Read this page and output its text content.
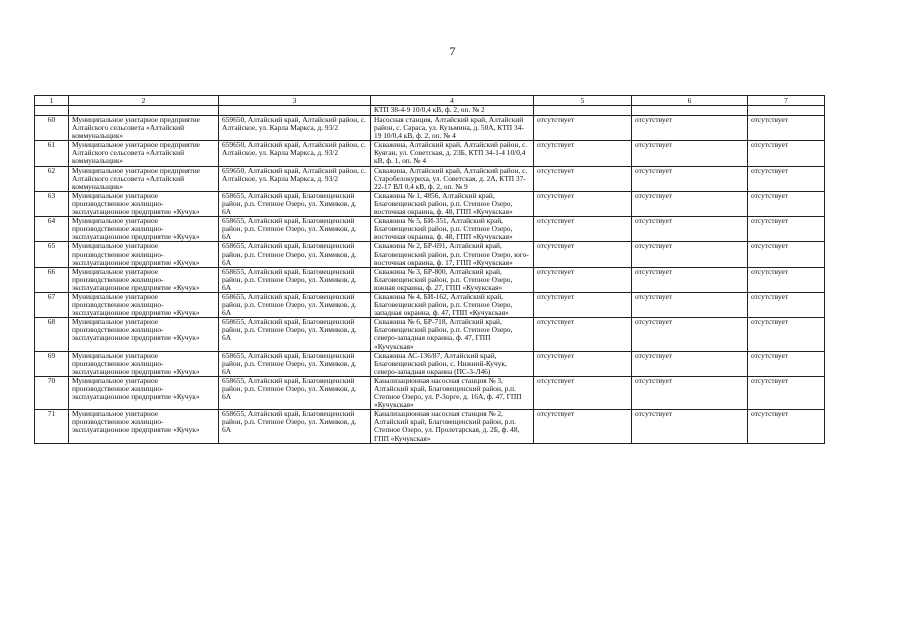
7
1	2	3	4	5	6	7
			КТП 38-4-9 10/0,4 кВ, ф. 2, оп. № 2			
60	Муниципальное унитарное предприятие Алтайского сельсовета «Алтайский коммунальщик»	659650, Алтайский край, Алтайский район, с. Алтайское, ул. Карла Маркса, д. 93/2	Насосная станция, Алтайский край, Алтайский район, с. Сараса, ул. Кузьмина, д. 50А, КТП 34-19 10/0,4 кВ, ф. 2, оп. № 4	отсутствует	отсутствует	отсутствует
61	Муниципальное унитарное предприятие Алтайского сельсовета «Алтайский коммунальщик»	659650, Алтайский край, Алтайский район, с. Алтайское, ул. Карла Маркса, д. 93/2	Скважина, Алтайский край, Алтайский район, с. Куяган, ул. Советская, д. 23Б, КТП 34-1-4 10/0,4 кВ, ф. 1, оп. № 4	отсутствует	отсутствует	отсутствует
62	Муниципальное унитарное предприятие Алтайского сельсовета «Алтайский коммунальщик»	659650, Алтайский край, Алтайский район, с. Алтайское, ул. Карла Маркса, д. 93/2	Скважина, Алтайский край, Алтайский район, с. Старобелокуриха, ул. Советская, д. 2А, КТП 37-22-17 ВЛ 0,4 кВ, ф. 2, оп. № 9	отсутствует	отсутствует	отсутствует
63	Муниципальное унитарное производственное жилищно-эксплуатационное предприятие «Кучук»	658655, Алтайский край, Благовещенский район, р.п. Степное Озеро, ул. Химиков, д. 6А	Скважина № 1, 4856, Алтайский край, Благовещенский район, р.п. Степное Озеро, восточная окраина, ф. 48, ГПП «Кучукская»	отсутствует	отсутствует	отсутствует
64	Муниципальное унитарное производственное жилищно-эксплуатационное предприятие «Кучук»	658655, Алтайский край, Благовещенский район, р.п. Степное Озеро, ул. Химиков, д. 6А	Скважина № 5, БИ-351, Алтайский край, Благовещенский район, р.п. Степное Озеро, восточная окраина, ф. 48, ГПП «Кучукская»	отсутствует	отсутствует	отсутствует
65	Муниципальное унитарное производственное жилищно-эксплуатационное предприятие «Кучук»	658655, Алтайский край, Благовещенский район, р.п. Степное Озеро, ул. Химиков, д. 6А	Скважина № 2, БР-691, Алтайский край, Благовещенский район, р.п. Степное Озеро, юго-восточная окраина, ф. 17, ГПП «Кучукская»	отсутствует	отсутствует	отсутствует
66	Муниципальное унитарное производственное жилищно-эксплуатационное предприятие «Кучук»	658655, Алтайский край, Благовещенский район, р.п. Степное Озеро, ул. Химиков, д. 6А	Скважина № 3, БР-800, Алтайский край, Благовещенский район, р.п. Степное Озеро, южная окраина, ф. 27, ГПП «Кучукская»	отсутствует	отсутствует	отсутствует
67	Муниципальное унитарное производственное жилищно-эксплуатационное предприятие «Кучук»	658655, Алтайский край, Благовещенский район, р.п. Степное Озеро, ул. Химиков, д. 6А	Скважина № 4, БИ-162, Алтайский край, Благовещенский район, р.п. Степное Озеро, западная окраина, ф. 47, ГПП «Кучукская»	отсутствует	отсутствует	отсутствует
68	Муниципальное унитарное производственное жилищно-эксплуатационное предприятие «Кучук»	658655, Алтайский край, Благовещенский район, р.п. Степное Озеро, ул. Химиков, д. 6А	Скважина № 6, БР-718, Алтайский край, Благовещенский район, р.п. Степное Озеро, северо-западная окраина, ф. 47, ГПП «Кучукская»	отсутствует	отсутствует	отсутствует
69	Муниципальное унитарное производственное жилищно-эксплуатационное предприятие «Кучук»	658655, Алтайский край, Благовещенский район, р.п. Степное Озеро, ул. Химиков, д. 6А	Скважина АС-136/87, Алтайский край, Благовещенский район, с. Нижний-Кучук, северо-западная окраина (ПС-3-Л46)	отсутствует	отсутствует	отсутствует
70	Муниципальное унитарное производственное жилищно-эксплуатационное предприятие «Кучук»	658655, Алтайский край, Благовещенский район, р.п. Степное Озеро, ул. Химиков, д. 6А	Канализационная насосная станция № 3, Алтайский край, Благовещенский район, р.п. Степное Озеро, ул. Р-Зорге, д. 16А, ф. 47, ГПП «Кучукская»	отсутствует	отсутствует	отсутствует
71	Муниципальное унитарное производственное жилищно-эксплуатационное предприятие «Кучук»	658655, Алтайский край, Благовещенский район, р.п. Степное Озеро, ул. Химиков, д. 6А	Канализационная насосная станция № 2, Алтайский край, Благовещенский район, р.п. Степное Озеро, ул. Пролетарская, д. 2Б, ф. 48, ГПП «Кучукская»	отсутствует	отсутствует	отсутствует
